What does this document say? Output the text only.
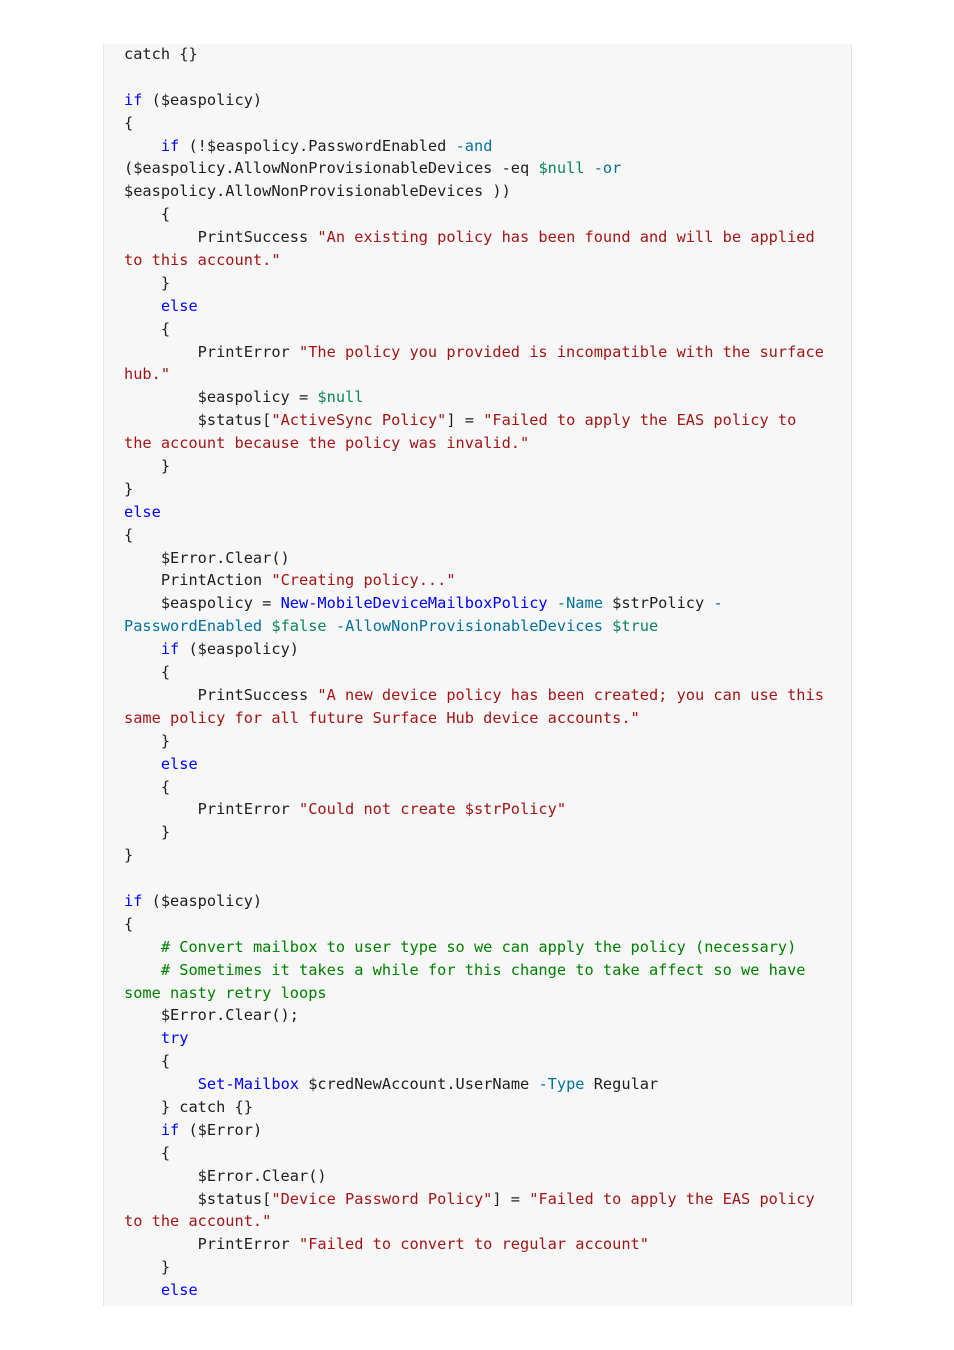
catch {}
if ($easpolicy)
{
if (!$easpolicy.PasswordEnabled -and
($easpolicy.AllowNonProvisionableDevices -eq $null -or
$easpolicy.AllowNonProvisionableDevices ))
{
PrintSuccess "An existing policy has been found and will be applied
to this account."
}
else
{
PrintError "The policy you provided is incompatible with the surface
hub."
$easpolicy = $null
$status["ActiveSync Policy"] = "Failed to apply the EAS policy to
the account because the policy was invalid."
}
}
else
{
$Error.Clear()
PrintAction "Creating policy..."
$easpolicy = New-MobileDeviceMailboxPolicy -Name $strPolicy -
PasswordEnabled $false -AllowNonProvisionableDevices $true
if ($easpolicy)
{
PrintSuccess "A new device policy has been created; you can use this
same policy for all future Surface Hub device accounts."
}
else
{
PrintError "Could not create $strPolicy"
}
}
if ($easpolicy)
{
# Convert mailbox to user type so we can apply the policy (necessary)
# Sometimes it takes a while for this change to take affect so we have
some nasty retry loops
$Error.Clear();
try
{
Set-Mailbox $credNewAccount.UserName -Type Regular
} catch {}
if ($Error)
{
$Error.Clear()
$status["Device Password Policy"] = "Failed to apply the EAS policy
to the account."
PrintError "Failed to convert to regular account"
}
else
